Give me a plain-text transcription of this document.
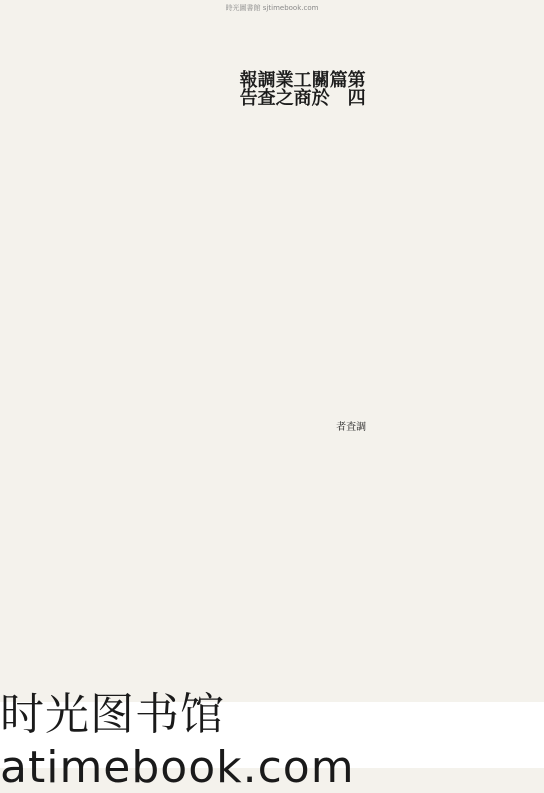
時光圖書館 sjtimebook.com
第四篇　關於工商業之調查報告
調査者
时光图书馆atimebook.com
